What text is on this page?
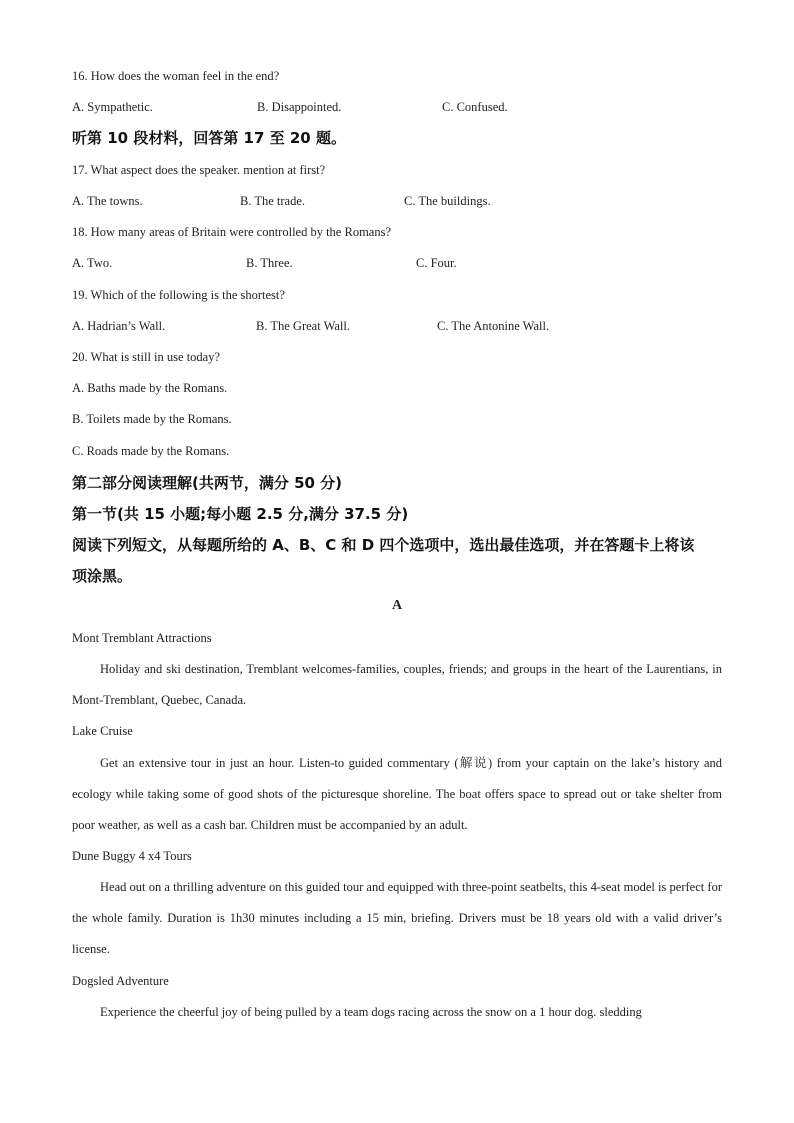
16. How does the woman feel in the end?
A. Sympathetic.	B. Disappointed.	C. Confused.
听第 10 段材料，回答第 17 至 20 题。
17. What aspect does the speaker. mention at first?
A. The towns.	B. The trade.	C. The buildings.
18. How many areas of Britain were controlled by the Romans?
A. Two.	B. Three.	C. Four.
19. Which of the following is the shortest?
A. Hadrian’s Wall.	B. The Great Wall.	C. The Antonine Wall.
20. What is still in use today?
A. Baths made by the Romans.
B. Toilets made by the Romans.
C. Roads made by the Romans.
第二部分阅读理解(共两节，满分 50 分)
第一节(共 15 小题;每小题 2.5 分,满分 37.5 分)
阅读下列短文，从每题所给的 A、B、C 和 D 四个选项中，选出最佳选项，并在答题卡上将该
项涂黑。
A
Mont Tremblant Attractions
Holiday and ski destination, Tremblant welcomes-families, couples, friends; and groups in the heart of the Laurentians, in Mont-Tremblant, Quebec, Canada.
Lake Cruise
Get an extensive tour in just an hour. Listen-to guided commentary (解说) from your captain on the lake’s history and ecology while taking some of good shots of the picturesque shoreline. The boat offers space to spread out or take shelter from poor weather, as well as a cash bar. Children must be accompanied by an adult.
Dune Buggy 4 x4 Tours
Head out on a thrilling adventure on this guided tour and equipped with three-point seatbelts, this 4-seat model is perfect for the whole family. Duration is 1h30 minutes including a 15 min, briefing. Drivers must be 18 years old with a valid driver’s license.
Dogsled Adventure
Experience the cheerful joy of being pulled by a team dogs racing across the snow on a 1 hour dog. sledding
